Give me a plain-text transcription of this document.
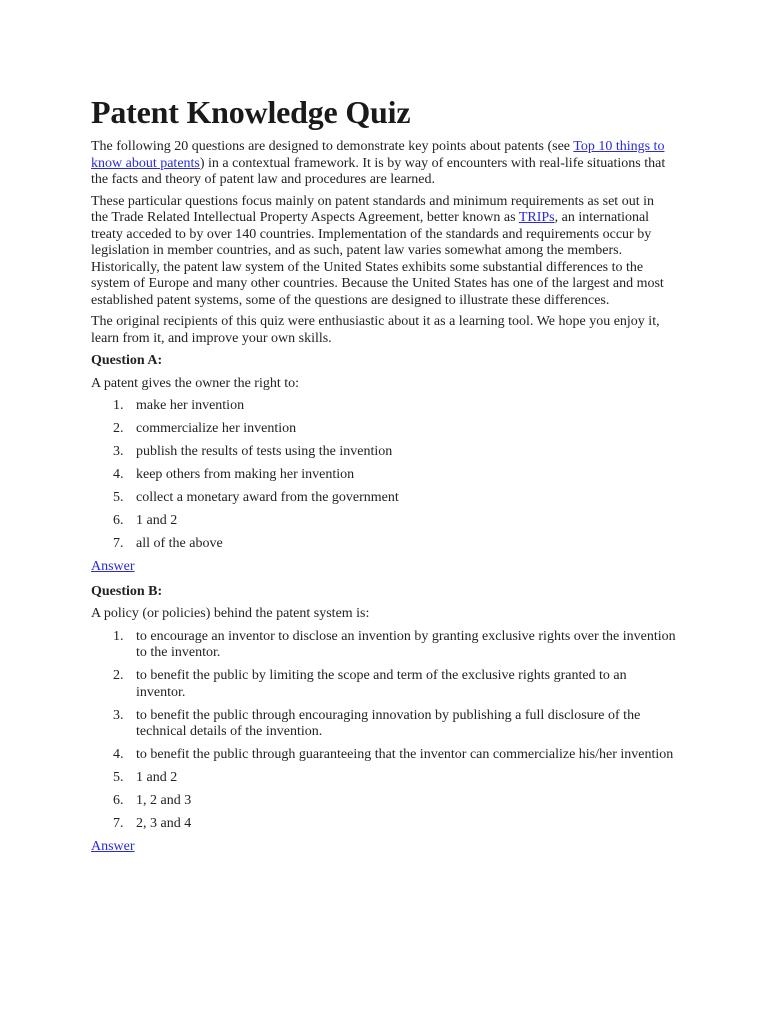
Patent Knowledge Quiz

The following 20 questions are designed to demonstrate key points about patents (see Top 10 things to know about patents) in a contextual framework. It is by way of encounters with real-life situations that the facts and theory of patent law and procedures are learned.

These particular questions focus mainly on patent standards and minimum requirements as set out in the Trade Related Intellectual Property Aspects Agreement, better known as TRIPs, an international treaty acceded to by over 140 countries. Implementation of the standards and requirements occur by legislation in member countries, and as such, patent law varies somewhat among the members. Historically, the patent law system of the United States exhibits some substantial differences to the system of Europe and many other countries. Because the United States has one of the largest and most established patent systems, some of the questions are designed to illustrate these differences.

The original recipients of this quiz were enthusiastic about it as a learning tool. We hope you enjoy it, learn from it, and improve your own skills.

Question A:

A patent gives the owner the right to:

1. make her invention
2. commercialize her invention
3. publish the results of tests using the invention
4. keep others from making her invention
5. collect a monetary award from the government
6. 1 and 2
7. all of the above
Answer

Question B:

A policy (or policies) behind the patent system is:

1. to encourage an inventor to disclose an invention by granting exclusive rights over the invention to the inventor.
2. to benefit the public by limiting the scope and term of the exclusive rights granted to an inventor.
3. to benefit the public through encouraging innovation by publishing a full disclosure of the technical details of the invention.
4. to benefit the public through guaranteeing that the inventor can commercialize his/her invention
5. 1 and 2
6. 1, 2 and 3
7. 2, 3 and 4
Answer
